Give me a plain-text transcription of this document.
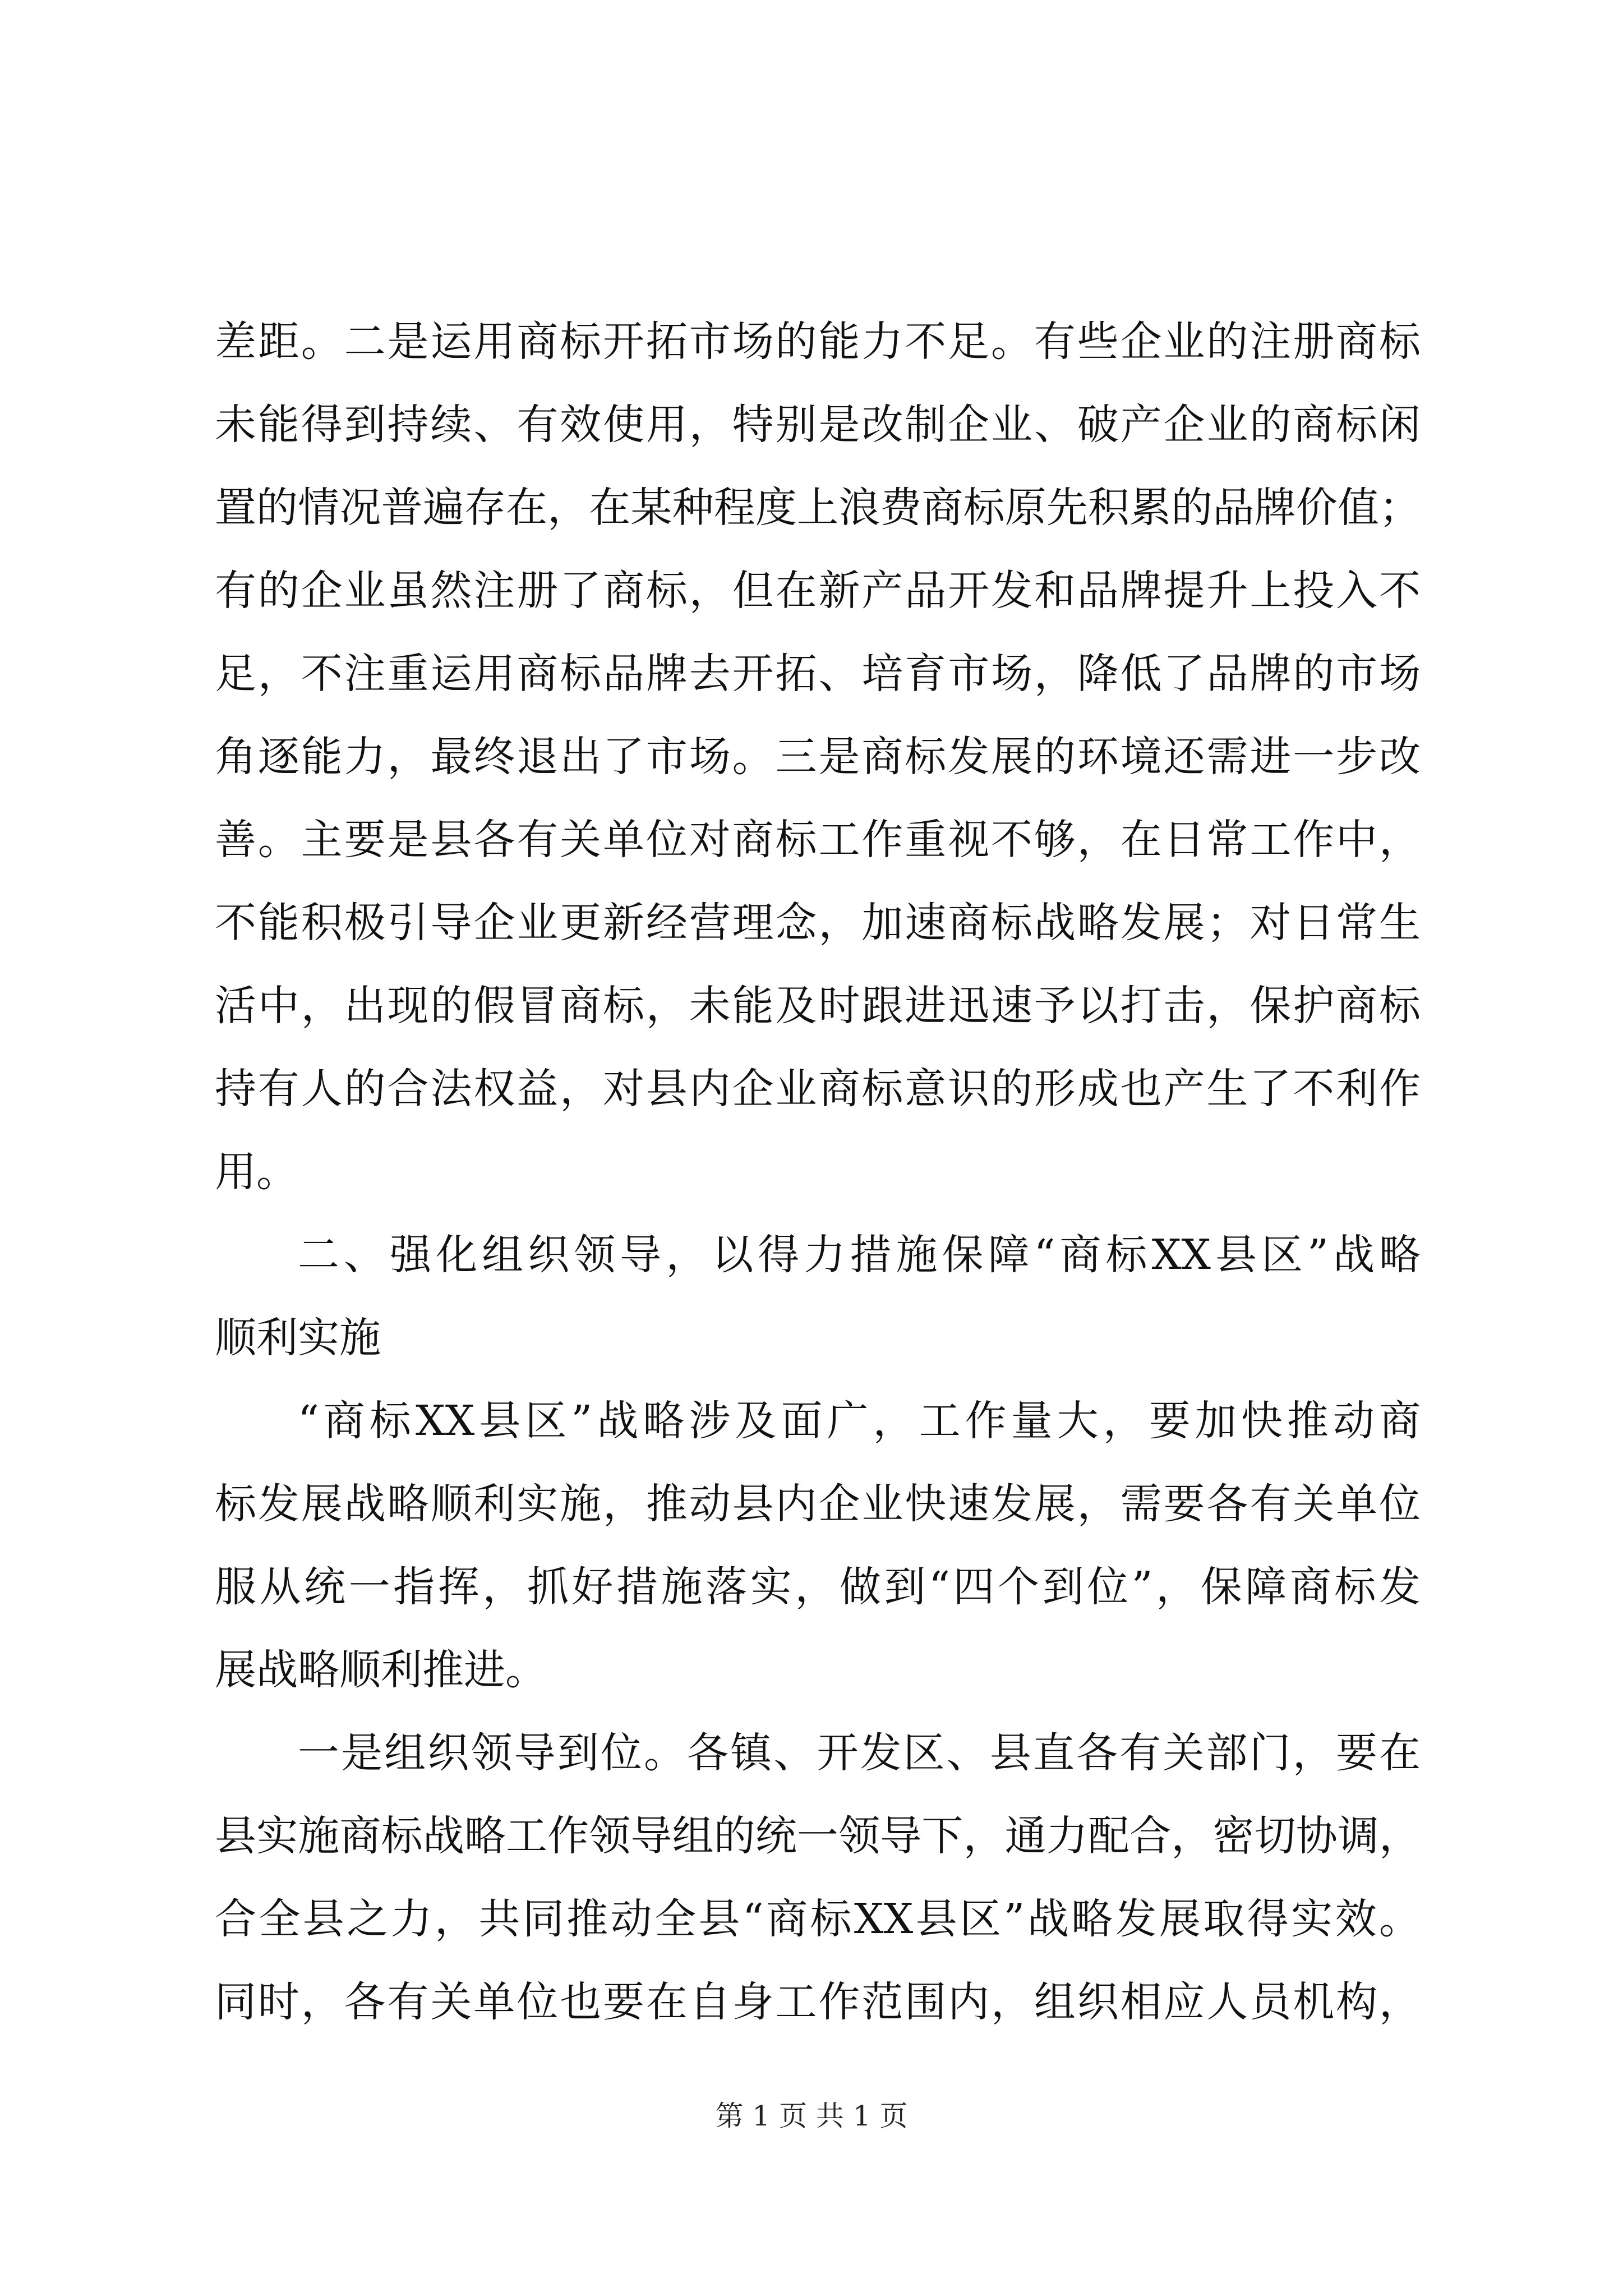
差距。二是运用商标开拓市场的能力不足。有些企业的注册商标
未能得到持续、有效使用，特别是改制企业、破产企业的商标闲
置的情况普遍存在，在某种程度上浪费商标原先积累的品牌价值；
有的企业虽然注册了商标，但在新产品开发和品牌提升上投入不
足，不注重运用商标品牌去开拓、培育市场，降低了品牌的市场
角逐能力，最终退出了市场。三是商标发展的环境还需进一步改
善。主要是县各有关单位对商标工作重视不够，在日常工作中，
不能积极引导企业更新经营理念，加速商标战略发展；对日常生
活中，出现的假冒商标，未能及时跟进迅速予以打击，保护商标
持有人的合法权益，对县内企业商标意识的形成也产生了不利作
用。
二、强化组织领导，以得力措施保障“商标XX县区”战略
顺利实施
“商标XX县区”战略涉及面广，工作量大，要加快推动商
标发展战略顺利实施，推动县内企业快速发展，需要各有关单位
服从统一指挥，抓好措施落实，做到“四个到位”，保障商标发
展战略顺利推进。
一是组织领导到位。各镇、开发区、县直各有关部门，要在
县实施商标战略工作领导组的统一领导下，通力配合，密切协调，
合全县之力，共同推动全县“商标XX县区”战略发展取得实效。
同时，各有关单位也要在自身工作范围内，组织相应人员机构，
第 1 页 共 1 页
